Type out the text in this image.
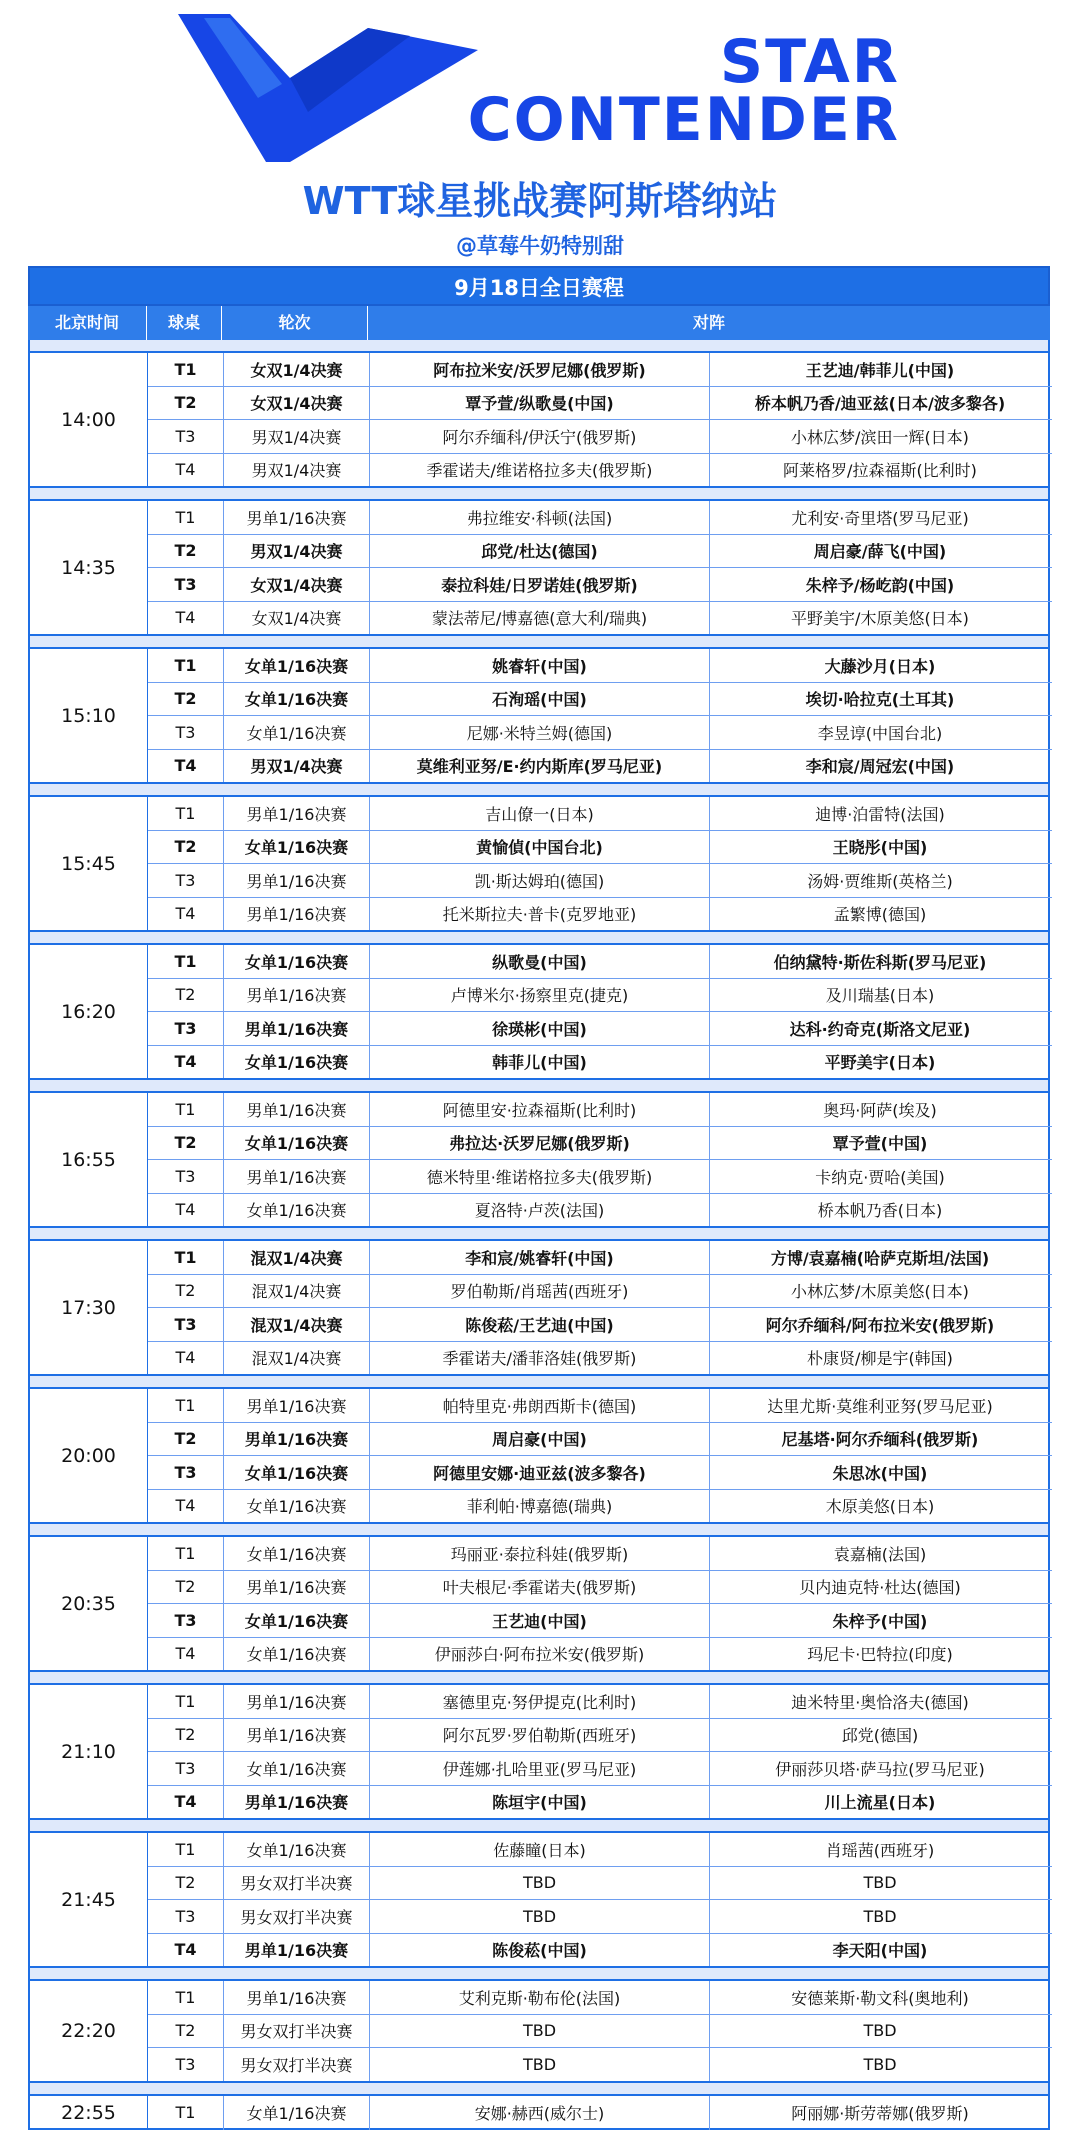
STAR
CONTENDER
WTT球星挑战赛阿斯塔纳站
@草莓牛奶特别甜
9月18日全日赛程
北京时间	球桌	轮次	对阵
14:00
T1	女双1/4决赛	阿布拉米安/沃罗尼娜(俄罗斯)	王艺迪/韩菲儿(中国)
T2	女双1/4决赛	覃予萱/纵歌曼(中国)	桥本帆乃香/迪亚兹(日本/波多黎各)
T3	男双1/4决赛	阿尔乔缅科/伊沃宁(俄罗斯)	小林広梦/滨田一辉(日本)
T4	男双1/4决赛	季霍诺夫/维诺格拉多夫(俄罗斯)	阿莱格罗/拉森福斯(比利时)
14:35
T1	男单1/16决赛	弗拉维安·科顿(法国)	尤利安·奇里塔(罗马尼亚)
T2	男双1/4决赛	邱党/杜达(德国)	周启豪/薛飞(中国)
T3	女双1/4决赛	泰拉科娃/日罗诺娃(俄罗斯)	朱梓予/杨屹韵(中国)
T4	女双1/4决赛	蒙法蒂尼/博嘉德(意大利/瑞典)	平野美宇/木原美悠(日本)
15:10
T1	女单1/16决赛	姚睿轩(中国)	大藤沙月(日本)
T2	女单1/16决赛	石洵瑶(中国)	埃切·哈拉克(土耳其)
T3	女单1/16决赛	尼娜·米特兰姆(德国)	李昱谆(中国台北)
T4	男双1/4决赛	莫维利亚努/E·约内斯库(罗马尼亚)	李和宸/周冠宏(中国)
15:45
T1	男单1/16决赛	吉山僚一(日本)	迪博·泊雷特(法国)
T2	女单1/16决赛	黄愉偵(中国台北)	王晓彤(中国)
T3	男单1/16决赛	凯·斯达姆珀(德国)	汤姆·贾维斯(英格兰)
T4	男单1/16决赛	托米斯拉夫·普卡(克罗地亚)	孟繁博(德国)
16:20
T1	女单1/16决赛	纵歌曼(中国)	伯纳黛特·斯佐科斯(罗马尼亚)
T2	男单1/16决赛	卢博米尔·扬察里克(捷克)	及川瑞基(日本)
T3	男单1/16决赛	徐瑛彬(中国)	达科·约奇克(斯洛文尼亚)
T4	女单1/16决赛	韩菲儿(中国)	平野美宇(日本)
16:55
T1	男单1/16决赛	阿德里安·拉森福斯(比利时)	奥玛·阿萨(埃及)
T2	女单1/16决赛	弗拉达·沃罗尼娜(俄罗斯)	覃予萱(中国)
T3	男单1/16决赛	德米特里·维诺格拉多夫(俄罗斯)	卡纳克·贾哈(美国)
T4	女单1/16决赛	夏洛特·卢茨(法国)	桥本帆乃香(日本)
17:30
T1	混双1/4决赛	李和宸/姚睿轩(中国)	方博/袁嘉楠(哈萨克斯坦/法国)
T2	混双1/4决赛	罗伯勒斯/肖瑶茜(西班牙)	小林広梦/木原美悠(日本)
T3	混双1/4决赛	陈俊菘/王艺迪(中国)	阿尔乔缅科/阿布拉米安(俄罗斯)
T4	混双1/4决赛	季霍诺夫/潘菲洛娃(俄罗斯)	朴康贤/柳是宇(韩国)
20:00
T1	男单1/16决赛	帕特里克·弗朗西斯卡(德国)	达里尤斯·莫维利亚努(罗马尼亚)
T2	男单1/16决赛	周启豪(中国)	尼基塔·阿尔乔缅科(俄罗斯)
T3	女单1/16决赛	阿德里安娜·迪亚兹(波多黎各)	朱思冰(中国)
T4	女单1/16决赛	菲利帕·博嘉德(瑞典)	木原美悠(日本)
20:35
T1	女单1/16决赛	玛丽亚·泰拉科娃(俄罗斯)	袁嘉楠(法国)
T2	男单1/16决赛	叶夫根尼·季霍诺夫(俄罗斯)	贝内迪克特·杜达(德国)
T3	女单1/16决赛	王艺迪(中国)	朱梓予(中国)
T4	女单1/16决赛	伊丽莎白·阿布拉米安(俄罗斯)	玛尼卡·巴特拉(印度)
21:10
T1	男单1/16决赛	塞德里克·努伊提克(比利时)	迪米特里·奥恰洛夫(德国)
T2	男单1/16决赛	阿尔瓦罗·罗伯勒斯(西班牙)	邱党(德国)
T3	女单1/16决赛	伊莲娜·扎哈里亚(罗马尼亚)	伊丽莎贝塔·萨马拉(罗马尼亚)
T4	男单1/16决赛	陈垣宇(中国)	川上流星(日本)
21:45
T1	女单1/16决赛	佐藤瞳(日本)	肖瑶茜(西班牙)
T2	男女双打半决赛	TBD	TBD
T3	男女双打半决赛	TBD	TBD
T4	男单1/16决赛	陈俊菘(中国)	李天阳(中国)
22:20
T1	男单1/16决赛	艾利克斯·勒布伦(法国)	安德莱斯·勒文科(奥地利)
T2	男女双打半决赛	TBD	TBD
T3	男女双打半决赛	TBD	TBD
22:55	T1	女单1/16决赛	安娜·赫西(威尔士)	阿丽娜·斯劳蒂娜(俄罗斯)
